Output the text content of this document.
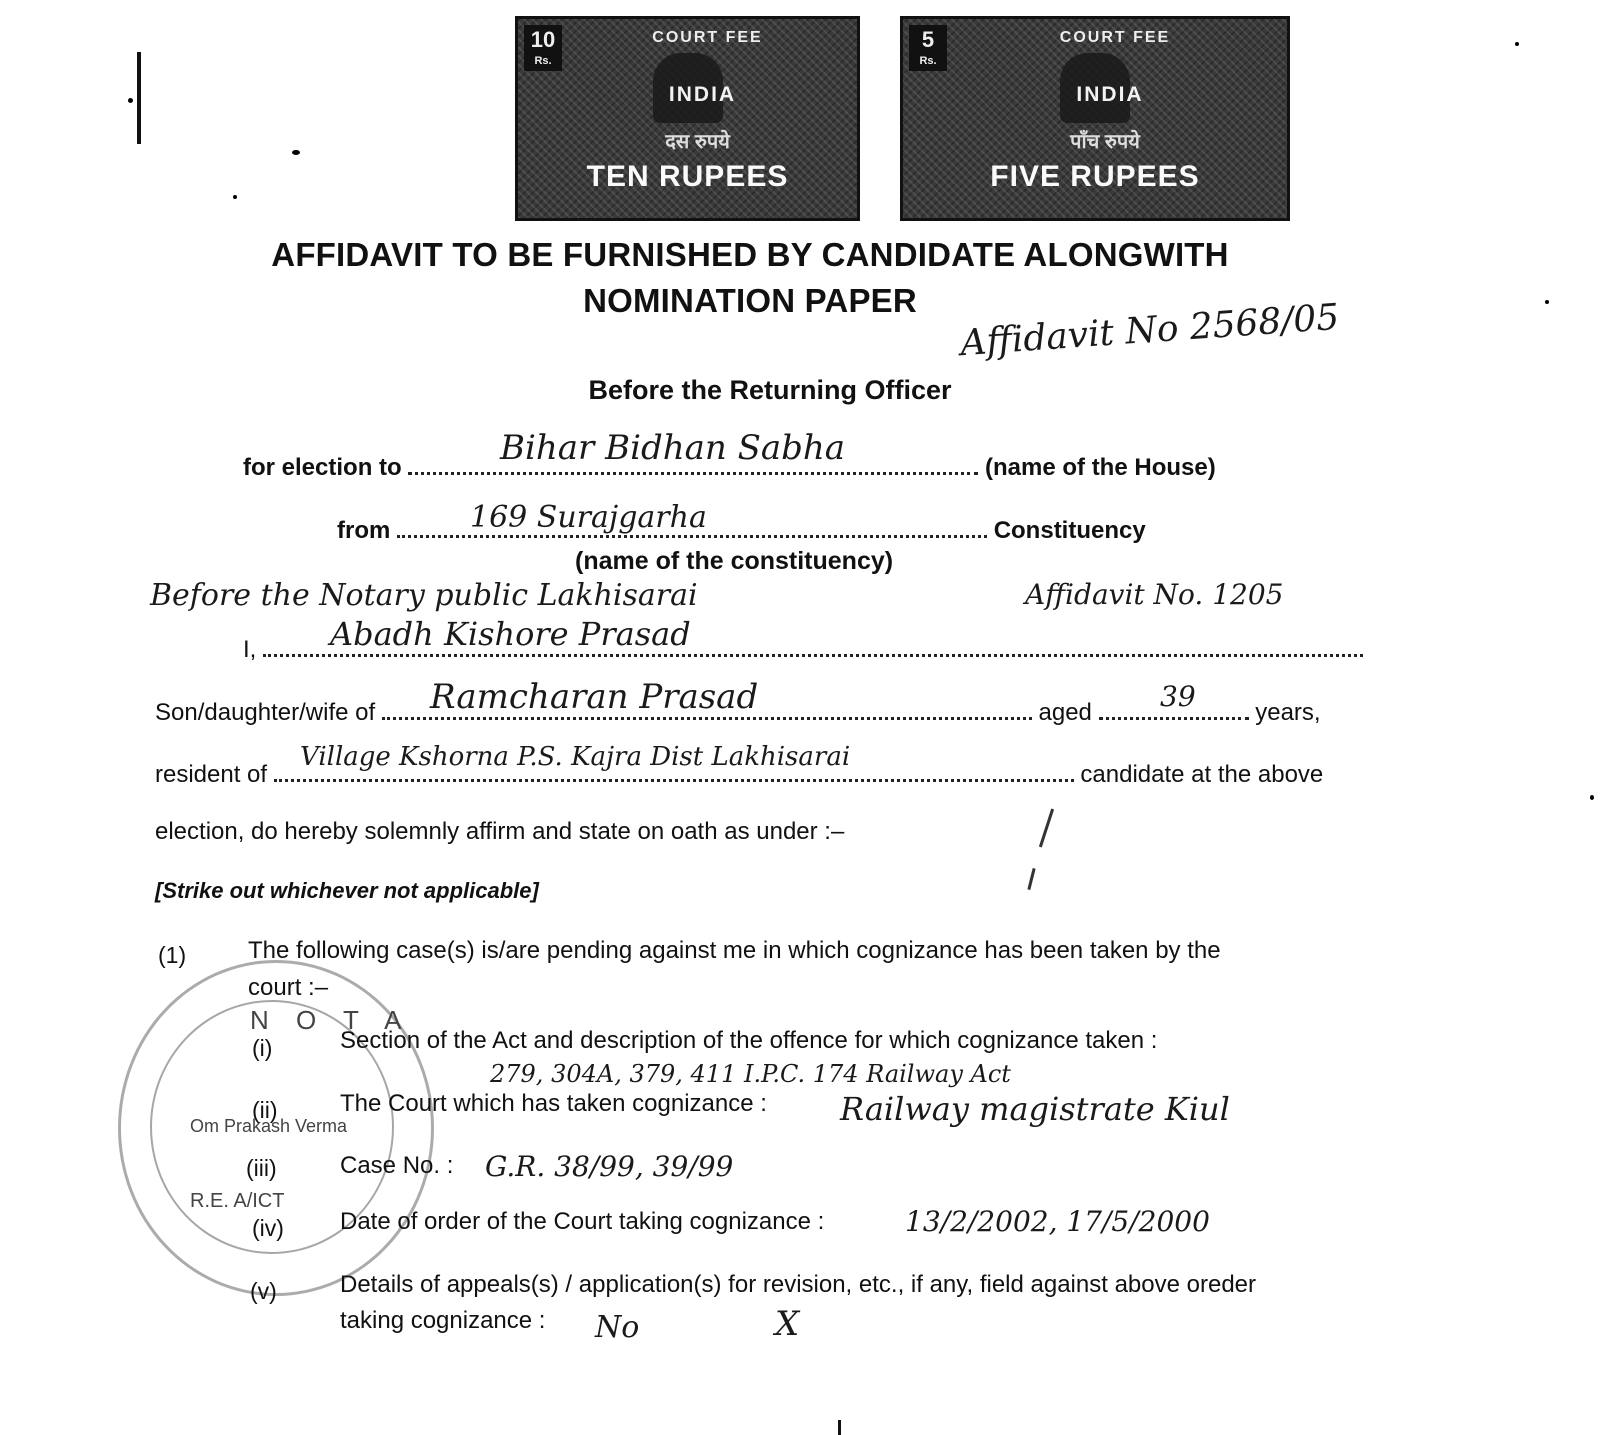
10
Rs.
COURT FEE
INDIA
दस रुपये
TEN RUPEES
5
Rs.
COURT FEE
INDIA
पाँच रुपये
FIVE RUPEES
AFFIDAVIT TO BE FURNISHED BY CANDIDATE ALONGWITH
NOMINATION PAPER	Affidavit No 2568/05
Before the Returning Officer
for election to	(name of the House)
Bihar Bidhan Sabha
from	Constituency
169 Surajgarha
(name of the constituency)
Before the Notary public Lakhisarai	Affidavit No. 1205
I,	Abadh Kishore Prasad
Son/daughter/wife of	aged	years,
Ramcharan Prasad	39
resident of	candidate at the above
Village Kshorna P.S. Kajra Dist Lakhisarai
election, do hereby solemnly affirm and state on oath as under :–
[Strike out whichever not applicable]
(1)	The following case(s) is/are pending against me in which cognizance has been taken by the
court :–
N O T A
Om Prakash Verma
R.E. A/ICT
(i)	Section of the Act and description of the offence for which cognizance taken :
279, 304A, 379, 411 I.P.C. 174 Railway Act
(ii)	The Court which has taken cognizance : Railway magistrate Kiul
(iii)	Case No. : G.R. 38/99, 39/99
(iv) Date of order of the Court taking cognizance :	13/2/2002, 17/5/2000
(v)	Details of appeals(s) / application(s) for revision, etc., if any, field against above oreder
taking cognizance : No	X
